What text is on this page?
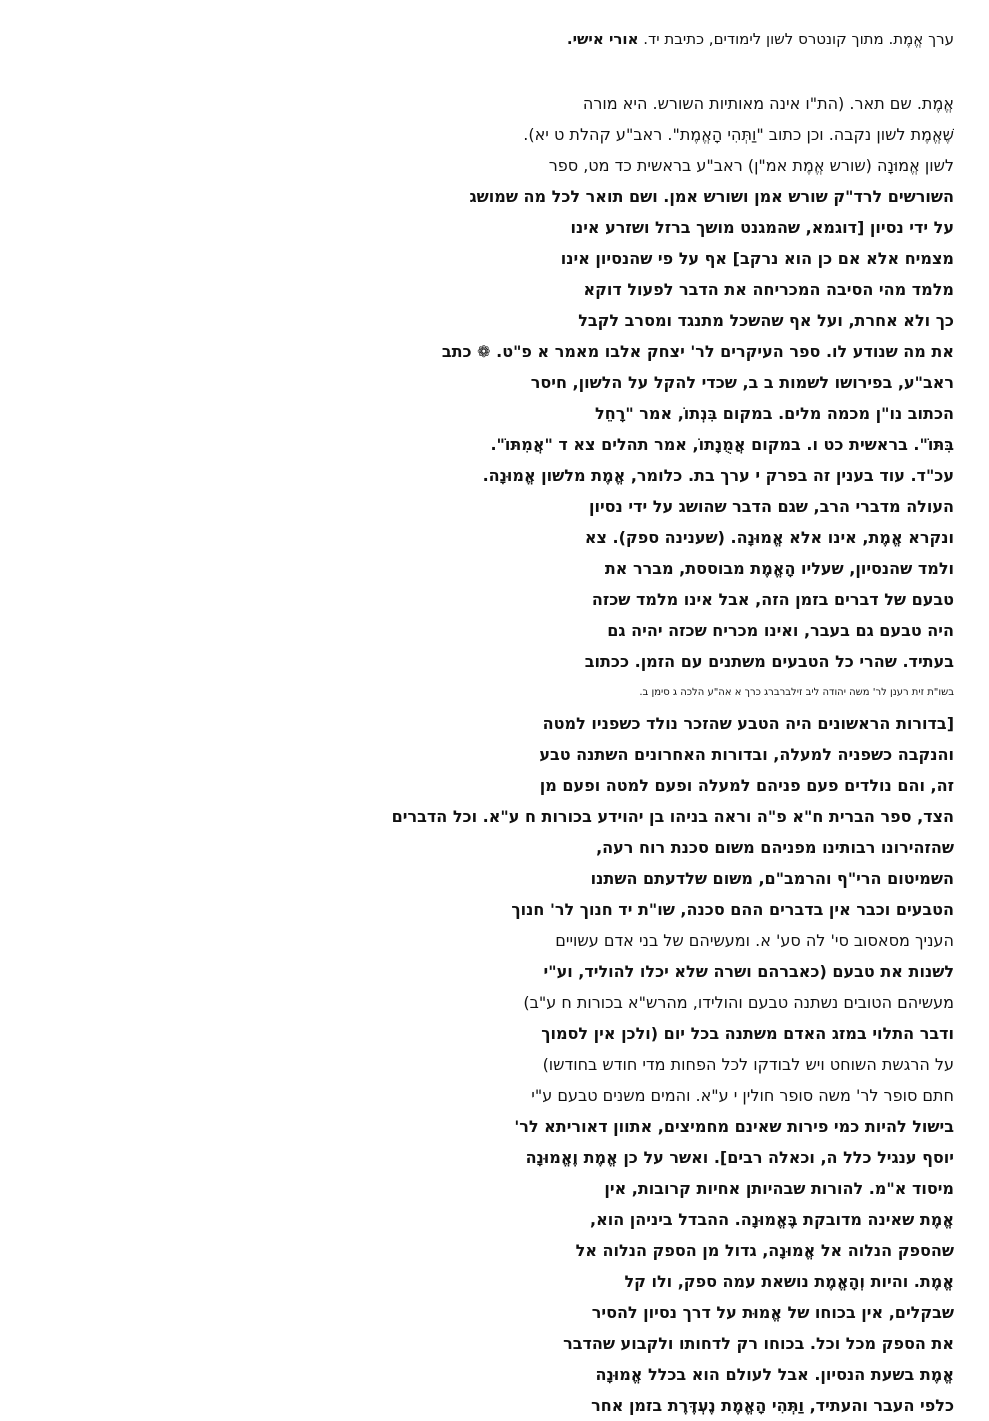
ערך אֱמֶת. מתוך קונטרס לשון לימודים, כתיבת יד. אורי אישי.

אֱמֶת. שם תאר. (הת"ו אינה מאותיות השורש. היא מורה

שֶׁאֱמֶת לשון נקבה. וכן כתוב "וַתְּהִי הָאֱמֶת". ראב"ע קהלת ט יא).

לשון אֱמוּנָה (שורש אֱמֶת אמ"ן) ראב"ע בראשית כד מט, ספר

השורשים לרד"ק שורש אמן ושורש אמן. ושם תואר לכל מה שמושג

על ידי נסיון [דוגמא, שהמגנט מושך ברזל ושזרע אינו

מצמיח אלא אם כן הוא נרקב] אף על פי שהנסיון אינו

מלמד מהי הסיבה המכריחה את הדבר לפעול דוקא

כך ולא אחרת, ועל אף שהשכל מתנגד ומסרב לקבל

את מה שנודע לו. ספר העיקרים לר' יצחק אלבו מאמר א פ"ט. ❁ כתב

ראב"ע, בפירושו לשמות ב ב, שכדי להקל על הלשון, חיסר

הכתוב נו"ן מכמה מלים. במקום בִּנְתוֹ, אמר "רָחֵל

בִּתּוֹ". בראשית כט ו. במקום אֲמֻנָתוֹ, אמר תהלים צא ד "אֲמִתּוֹ".

עכ"ד. עוד בענין זה בפרק י ערך בת. כלומר, אֱמֶת מלשון אֱמוּנָה.

העולה מדברי הרב, שגם הדבר שהושג על ידי נסיון

ונקרא אֱמֶת, אינו אלא אֱמוּנָה. (שענינה ספק). צא

ולמד שהנסיון, שעליו הָאֱמֶת מבוססת, מברר את

טבעם של דברים בזמן הזה, אבל אינו מלמד שכזה

היה טבעם גם בעבר, ואינו מכריח שכזה יהיה גם

בעתיד. שהרי כל הטבעים משתנים עם הזמן. ככתוב

בשו"ת זית רענן לר' משה יהודה ליב זילברברג כרך א אה"ע הלכה ג סימן ב.

[בדורות הראשונים היה הטבע שהזכר נולד כשפניו למטה

והנקבה כשפניה למעלה, ובדורות האחרונים השתנה טבע

זה, והם נולדים פעם פניהם למעלה ופעם למטה ופעם מן

הצד, ספר הברית ח"א פ"ה וראה בניהו בן יהוידע בכורות ח ע"א. וכל הדברים

שהזהירונו רבותינו מפניהם משום סכנת רוח רעה,

השמיטום הרי"ף והרמב"ם, משום שלדעתם השתנו

הטבעים וכבר אין בדברים ההם סכנה, שו"ת יד חנוך לר' חנוך

העניך מסאסוב סי' לה סע' א. ומעשיהם של בני אדם עשויים

לשנות את טבעם (כאברהם ושרה שלא יכלו להוליד, וע"י

מעשיהם הטובים נשתנה טבעם והולידו, מהרש"א בכורות ח ע"ב)

ודבר התלוי במזג האדם משתנה בכל יום (ולכן אין לסמוך

על הרגשת השוחט ויש לבודקו לכל הפחות מדי חודש בחודשו)

חתם סופר לר' משה סופר חולין י ע"א. והמים משנים טבעם ע"י

בישול להיות כמי פירות שאינם מחמיצים, אתוון דאוריתא לר'

יוסף ענגיל כלל ה, וכאלה רבים]. ואשר על כן אֱמֶת וֶאֱמוּנָה

מיסוד א"מ. להורות שבהיותן אחיות קרובות, אין

אֱמֶת שאינה מדובקת בֶּאֱמוּנָה. ההבדל ביניהן הוא,

שהספק הנלוה אל אֱמוּנָה, גדול מן הספק הנלוה אל

אֱמֶת. והיות וְהָאֱמֶת נושאת עמה ספק, ולו קל

שבקלים, אין בכוחו של אֱמוּת על דרך נסיון להסיר

את הספק מכל וכל. בכוחו רק לדחותו ולקבוע שהדבר

אֱמֶת בשעת הנסיון. אבל לעולם הוא בכלל אֱמוּנָה

כלפי העבר והעתיד, וַתְּהִי הָאֱמֶת נֶעְדֶּרֶת בזמן אחר
